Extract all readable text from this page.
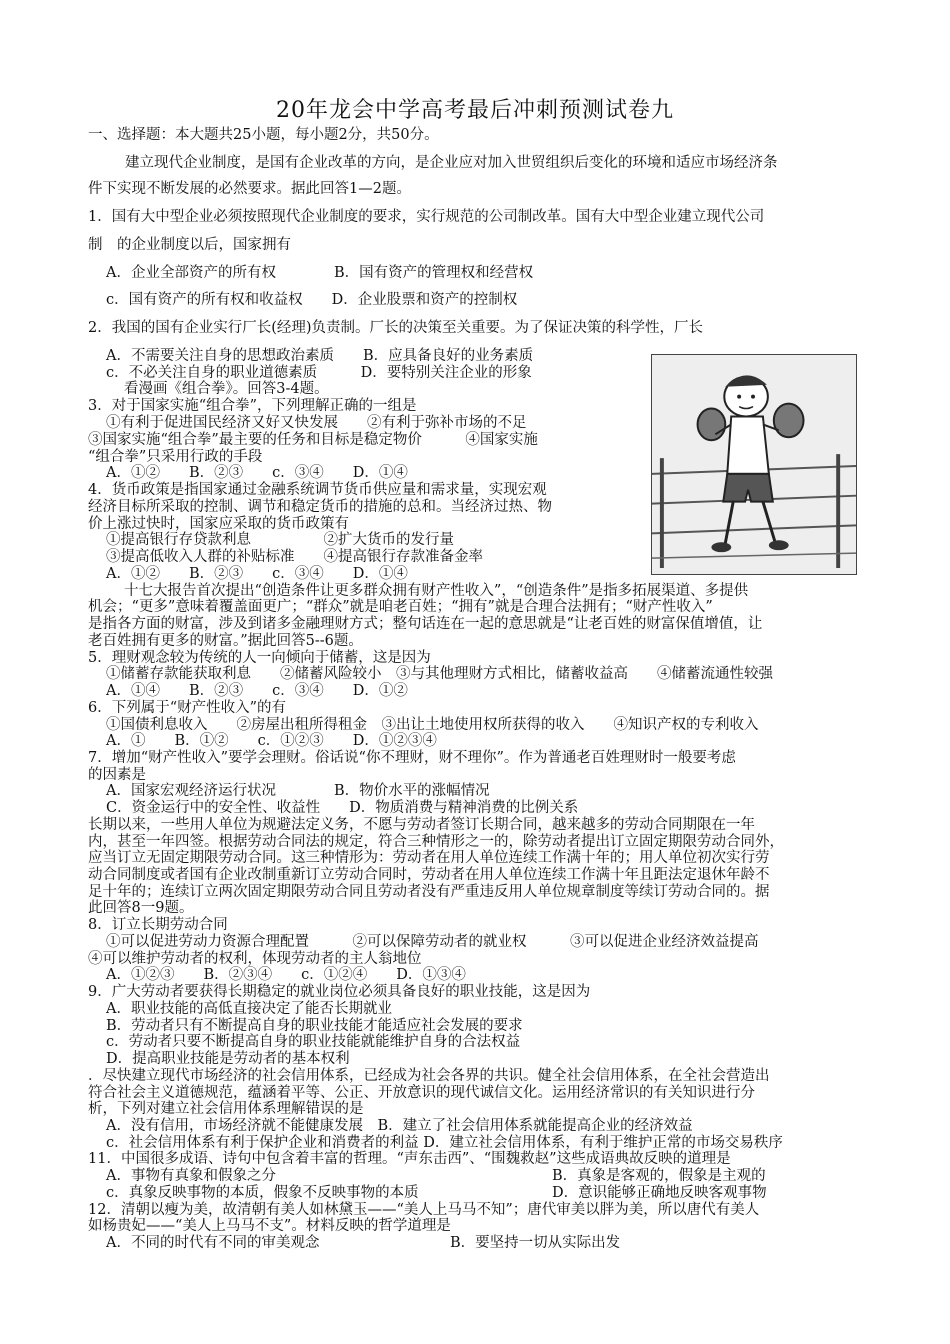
20年龙会中学高考最后冲刺预测试卷九
一、选择题：本大题共25小题，每小题2分，共50分。
建立现代企业制度，是国有企业改革的方向，是企业应对加入世贸组织后变化的环境和适应市场经济条
件下实现不断发展的必然要求。据此回答1—2题。
1．国有大中型企业必须按照现代企业制度的要求，实行规范的公司制改革。国有大中型企业建立现代公司
制　的企业制度以后，国家拥有
A．企业全部资产的所有权　　　　B．国有资产的管理权和经营权
c．国有资产的所有权和收益权　　D．企业股票和资产的控制权
2．我国的国有企业实行厂长(经理)负责制。厂长的决策至关重要。为了保证决策的科学性，厂长
A．不需要关注自身的思想政治素质　　B．应具备良好的业务素质
c．不必关注自身的职业道德素质　　　D．要特别关注企业的形象
看漫画《组合拳》。回答3-4题。
3．对于国家实施“组合拳”，下列理解正确的一组是
①有利于促进国民经济又好又快发展　　②有利于弥补市场的不足
③国家实施“组合拳”最主要的任务和目标是稳定物价　　　④国家实施
“组合拳”只采用行政的手段
A．①②　　B．②③　　c．③④　　D．①④
4．货币政策是指国家通过金融系统调节货币供应量和需求量，实现宏观
经济目标所采取的控制、调节和稳定货币的措施的总和。当经济过热、物
价上涨过快时，国家应采取的货币政策有
①提高银行存贷款利息　　　　　②扩大货币的发行量
③提高低收入人群的补贴标准　　④提高银行存款准备金率
A．①②　　B．②③　　c．③④　　D．①④
十七大报告首次提出“创造条件让更多群众拥有财产性收入”，“创造条件”是指多拓展渠道、多提供
机会；“更多”意味着覆盖面更广；“群众”就是咱老百姓；“拥有”就是合理合法拥有；“财产性收入”
是指各方面的财富，涉及到诸多金融理财方式；整句话连在一起的意思就是“让老百姓的财富保值增值，让
老百姓拥有更多的财富。”据此回答5--6题。
5．理财观念较为传统的人一向倾向于储蓄，这是因为
①储蓄存款能获取利息　　②储蓄风险较小　③与其他理财方式相比，储蓄收益高　　④储蓄流通性较强
A．①④　　B．②③　　c．③④　　D．①②
6．下列属于“财产性收入”的有
①国债利息收入　　②房屋出租所得租金　③出让土地使用权所获得的收入　　④知识产权的专利收入
A．①　　B．①②　　c．①②③　　D．①②③④
7．增加“财产性收入”要学会理财。俗话说“你不理财，财不理你”。作为普通老百姓理财时一般要考虑
的因素是
A．国家宏观经济运行状况　　　　B．物价水平的涨幅情况
C．资金运行中的安全性、收益性　　D．物质消费与精神消费的比例关系
长期以来，一些用人单位为规避法定义务，不愿与劳动者签订长期合同，越来越多的劳动合同期限在一年
内，甚至一年四签。根据劳动合同法的规定，符合三种情形之一的，除劳动者提出订立固定期限劳动合同外，
应当订立无固定期限劳动合同。这三种情形为：劳动者在用人单位连续工作满十年的；用人单位初次实行劳
动合同制度或者国有企业改制重新订立劳动合同时，劳动者在用人单位连续工作满十年且距法定退休年龄不
足十年的；连续订立两次固定期限劳动合同且劳动者没有严重违反用人单位规章制度等续订劳动合同的。据
此回答8一9题。
8．订立长期劳动合同
①可以促进劳动力资源合理配置　　　②可以保障劳动者的就业权　　　③可以促进企业经济效益提高
④可以维护劳动者的权利，体现劳动者的主人翁地位
A．①②③　　B．②③④　　c．①②④　　D．①③④
9．广大劳动者要获得长期稳定的就业岗位必须具备良好的职业技能，这是因为
A．职业技能的高低直接决定了能否长期就业
B．劳动者只有不断提高自身的职业技能才能适应社会发展的要求
c．劳动者只要不断提高自身的职业技能就能维护自身的合法权益
D．提高职业技能是劳动者的基本权利
．尽快建立现代市场经济的社会信用体系，已经成为社会各界的共识。健全社会信用体系，在全社会营造出
符合社会主义道德规范，蕴涵着平等、公正、开放意识的现代诚信文化。运用经济常识的有关知识进行分
析，下列对建立社会信用体系理解错误的是
A．没有信用，市场经济就不能健康发展　B．建立了社会信用体系就能提高企业的经济效益
c．社会信用体系有利于保护企业和消费者的利益 D．建立社会信用体系，有利于维护正常的市场交易秩序
11．中国很多成语、诗句中包含着丰富的哲理。“声东击西”、“围魏救赵”这些成语典故反映的道理是
A．事物有真象和假象之分	B．真象是客观的，假象是主观的
c．真象反映事物的本质，假象不反映事物的本质	D．意识能够正确地反映客观事物
12．清朝以瘦为美，故清朝有美人如林黛玉——“美人上马马不知”；唐代审美以胖为美，所以唐代有美人
如杨贵妃——“美人上马马不支”。材料反映的哲学道理是
A．不同的时代有不同的审美观念	B．要坚持一切从实际出发
